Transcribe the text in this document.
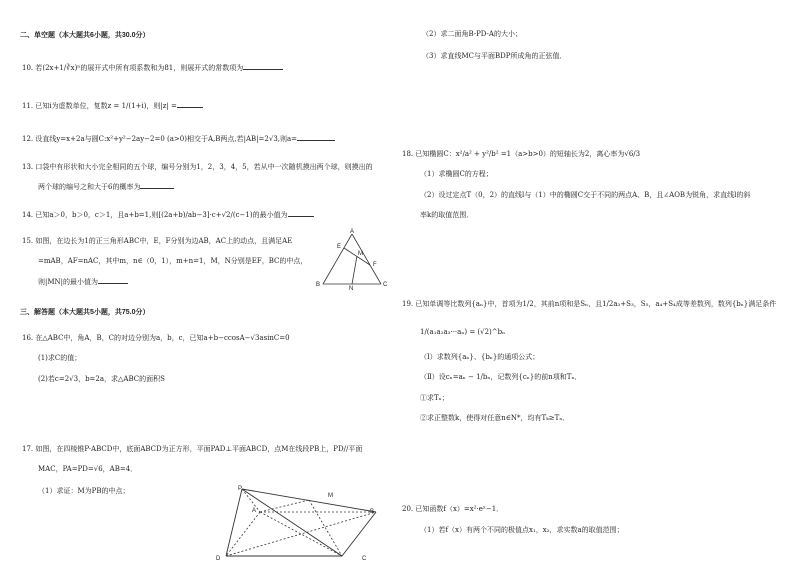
二、单空题（本大题共6小题，共30.0分）
10. 若(2x+1/∛x)ⁿ的展开式中所有项系数和为81，则展开式的常数项为
11. 已知i为虚数单位，复数z = 1/(1+i)，则|z| =
12. 设直线y=x+2a与圆C:x²+y²−2ay−2=0 (a>0)相交于A,B两点,若|AB|=2√3,则a=
13. 口袋中有形状和大小完全相同的五个球，编号分别为1，2，3，4，5，若从中一次随机摸出两个球，则摸出的
两个球的编号之和大于6的概率为
14. 已知a＞0，b＞0，c＞1，且a+b=1,则[(2a+b)/ab−3]·c+√2/(c−1)的最小值为
15. 如图，在边长为1的正三角形ABC中，E，F分别为边AB，AC上的动点，且满足AE
=mAB，AF=nAC，其中m，n∈（0，1），m+n=1，M，N分别是EF，BC的中点，
则|MN|的最小值为
A
E
M
F
B
N
C
三、解答题（本大题共5小题，共75.0分）
16. 在△ABC中，角A，B，C的对边分别为a，b，c，已知a+b−ccosA−√3asinC=0
(1)求C的值；
(2)若c=2√3，b=2a，求△ABC的面积S
17. 如图，在四棱锥P-ABCD中，底面ABCD为正方形，平面PAD⊥平面ABCD，点M在线段PB上，PD//平面
MAC，PA=PD=√6，AB=4．
（1）求证：M为PB的中点；	P
M
A	B
D	C
（2）求二面角B-PD-A的大小；
（3）求直线MC与平面BDP所成角的正弦值．
18. 已知椭圆C：x²/a² + y²/b² =1（a>b>0）的短轴长为2，离心率为√6/3
（1）求椭圆C的方程；
（2）设过定点T（0，2）的直线l与（1）中的椭圆C交于不同的两点A、B，且∠AOB为锐角，求直线l的斜
率k的取值范围．
19. 已知单调等比数列{aₙ}中，首项为1/2，其前n项和是Sₙ，且1/2a₃+S₃，S₅，a₄+S₄成等差数列，数列{bₙ}满足条件
1/(a₁a₂a₃···aₙ) = (√2)^bₙ
（Ⅰ）求数列{aₙ}、{bₙ}的通项公式；
（Ⅱ）设cₙ=aₙ − 1/bₙ，记数列{cₙ}的前n项和Tₙ．
①求Tₙ；
②求正整数k，使得对任意n∈N*，均有Tₖ≥Tₙ．
20. 已知函数f（x）=x²·eˣ−1．
（1）若f（x）有两个不同的极值点x₁，x₂，求实数a的取值范围；
